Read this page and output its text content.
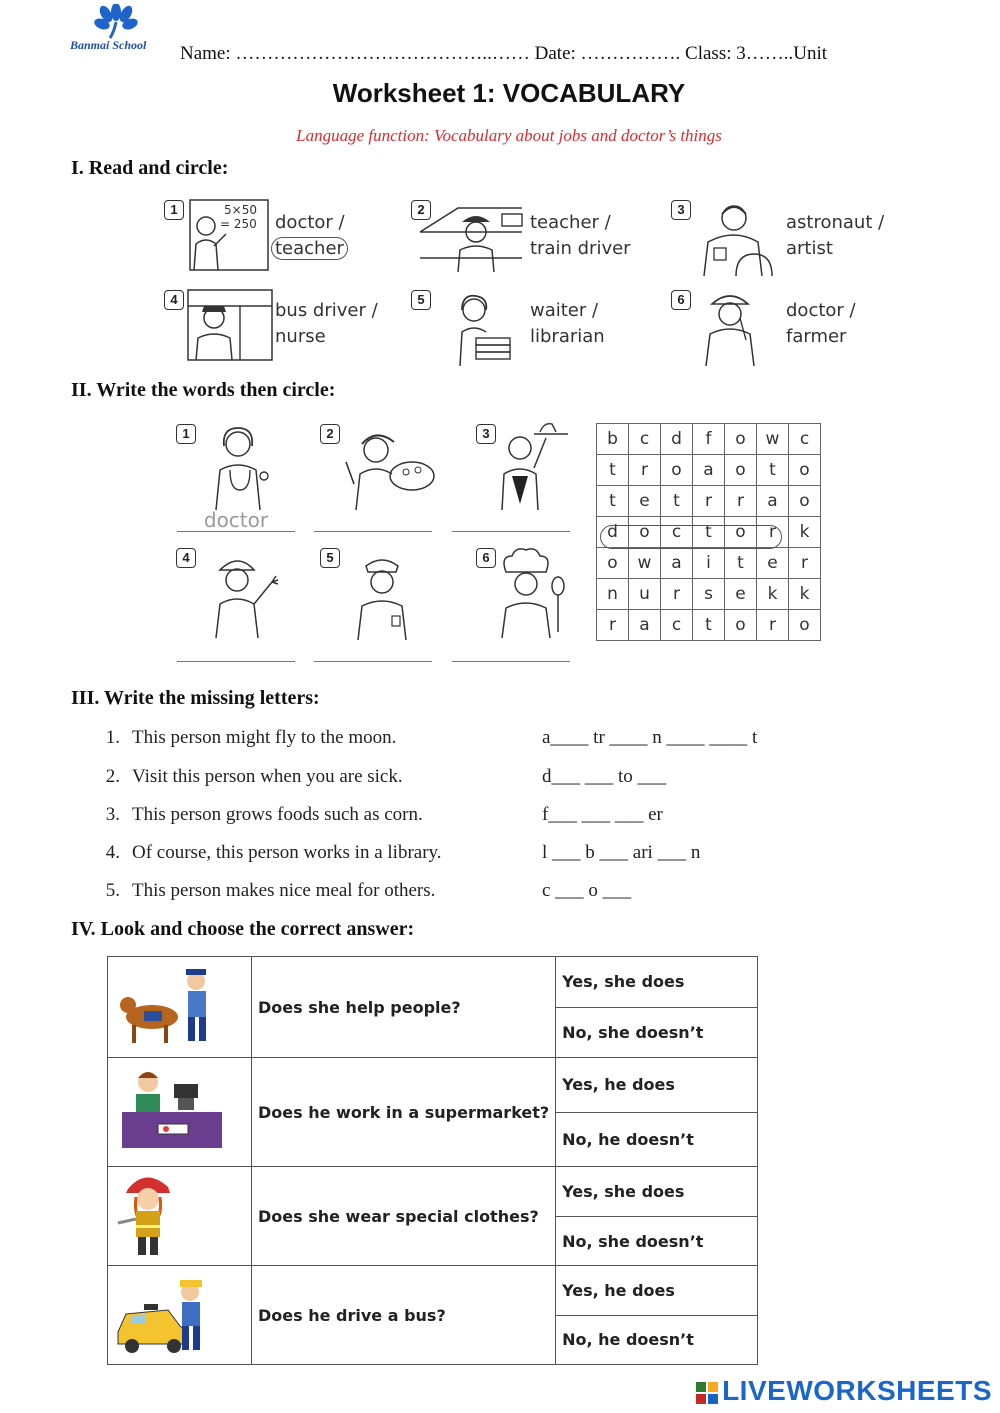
Banmai School Name: …………………………………..…… Date: ……………. Class: 3……..Unit
Worksheet 1: VOCABULARY
Language function: Vocabulary about jobs and doctor’s things
I. Read and circle:
1	5×50
= 250 doctor /
teacher
2
teacher /
train driver
3
astronaut /
artist
4
bus driver /
nurse
5
waiter /
librarian
6
doctor /
farmer
II. Write the words then circle:
1
doctor
2	3
4	5	6
b	c	d	f	o	w	c
t	r	o	a	o	t	o
t	e	t	r	r	a	o
d	o	c	t	o	r	k
o	w	a	i	t	e	r
n	u	r	s	e	k	k
r	a	c	t	o	r	o
III. Write the missing letters:
1. This person might fly to the moon.	a____ tr ____ n ____ ____ t
2. Visit this person when you are sick.	d___ ___ to ___
3. This person grows foods such as corn.	f___ ___ ___ er
4. Of course, this person works in a library.	l ___ b ___ ari ___ n
5. This person makes nice meal for others.	c ___ o ___
IV. Look and choose the correct answer:
	Does she help people?	Yes, she does

		No, she doesn’t

	Does he work in a supermarket?	Yes, he does

		No, he doesn’t

	Does she wear special clothes?	Yes, she does

		No, she doesn’t

	Does he drive a bus?	Yes, he does

		No, he doesn’t
LIVEWORKSHEETS
